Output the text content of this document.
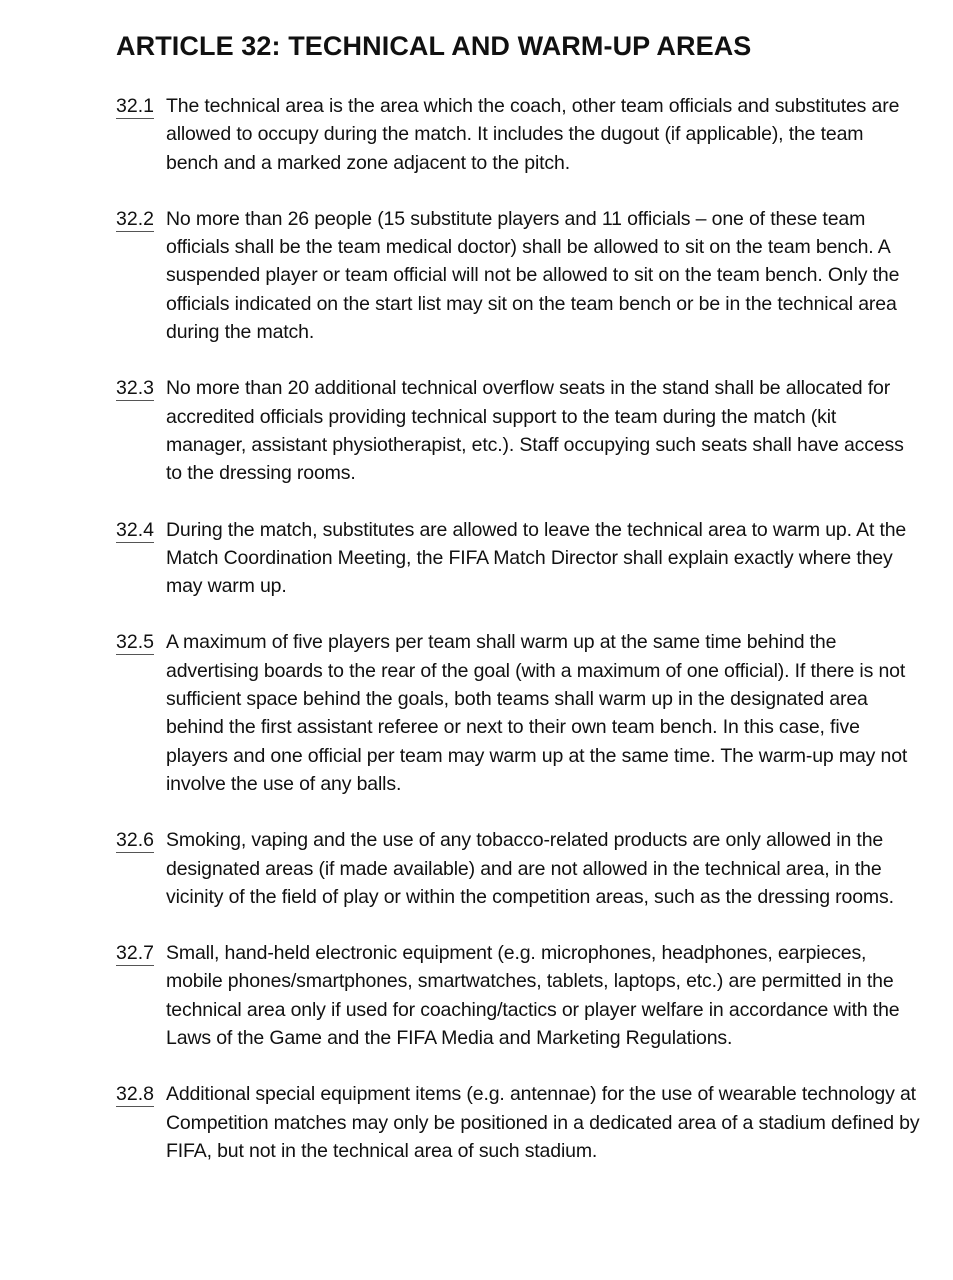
ARTICLE 32: TECHNICAL AND WARM-UP AREAS
32.1 The technical area is the area which the coach, other team officials and substitutes are allowed to occupy during the match. It includes the dugout (if applicable), the team bench and a marked zone adjacent to the pitch.
32.2 No more than 26 people (15 substitute players and 11 officials – one of these team officials shall be the team medical doctor) shall be allowed to sit on the team bench. A suspended player or team official will not be allowed to sit on the team bench. Only the officials indicated on the start list may sit on the team bench or be in the technical area during the match.
32.3 No more than 20 additional technical overflow seats in the stand shall be allocated for accredited officials providing technical support to the team during the match (kit manager, assistant physiotherapist, etc.). Staff occupying such seats shall have access to the dressing rooms.
32.4 During the match, substitutes are allowed to leave the technical area to warm up. At the Match Coordination Meeting, the FIFA Match Director shall explain exactly where they may warm up.
32.5 A maximum of five players per team shall warm up at the same time behind the advertising boards to the rear of the goal (with a maximum of one official). If there is not sufficient space behind the goals, both teams shall warm up in the designated area behind the first assistant referee or next to their own team bench. In this case, five players and one official per team may warm up at the same time. The warm-up may not involve the use of any balls.
32.6 Smoking, vaping and the use of any tobacco-related products are only allowed in the designated areas (if made available) and are not allowed in the technical area, in the vicinity of the field of play or within the competition areas, such as the dressing rooms.
32.7 Small, hand-held electronic equipment (e.g. microphones, headphones, earpieces, mobile phones/smartphones, smartwatches, tablets, laptops, etc.) are permitted in the technical area only if used for coaching/tactics or player welfare in accordance with the Laws of the Game and the FIFA Media and Marketing Regulations.
32.8 Additional special equipment items (e.g. antennae) for the use of wearable technology at Competition matches may only be positioned in a dedicated area of a stadium defined by FIFA, but not in the technical area of such stadium.
